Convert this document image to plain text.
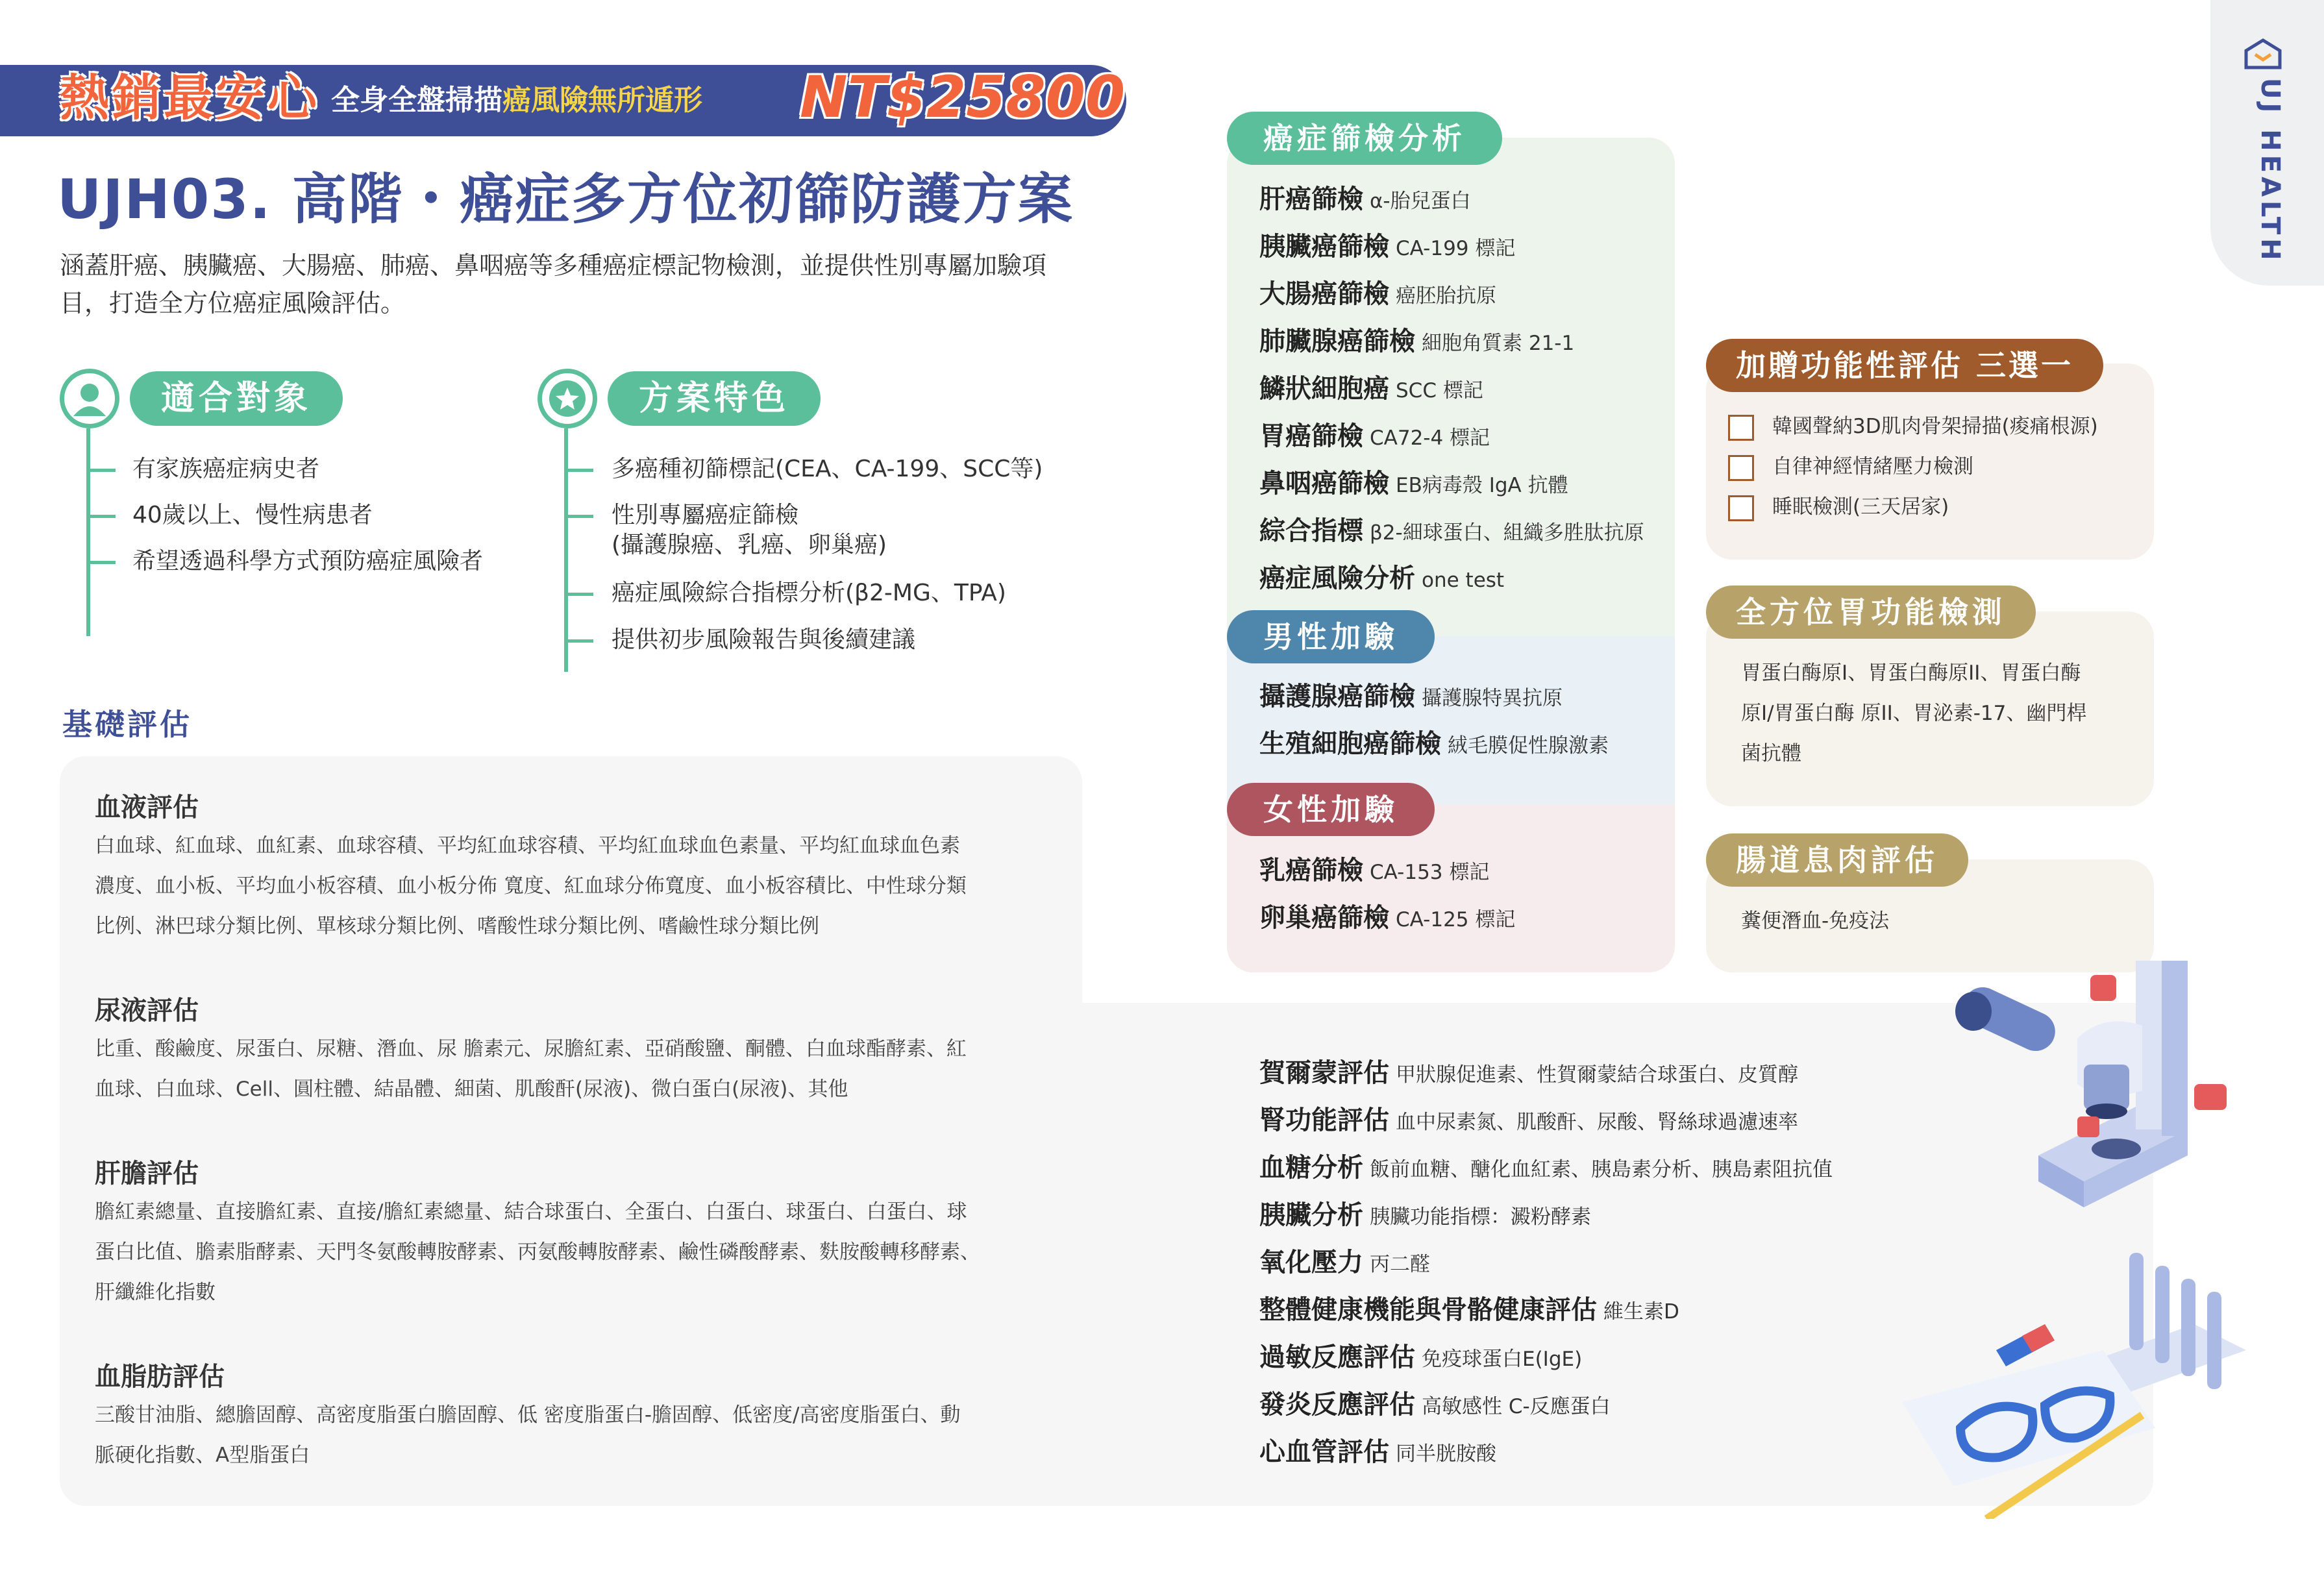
熱銷最安心 全身全盤掃描癌風險無所遁形 NT$25800
UJH03. 高階・癌症多方位初篩防護方案
涵蓋肝癌、胰臟癌、大腸癌、肺癌、鼻咽癌等多種癌症標記物檢測，並提供性別專屬加驗項目，打造全方位癌症風險評估。
UJ HEALTH
適合對象
有家族癌症病史者
40歲以上、慢性病患者
希望透過科學方式預防癌症風險者
方案特色
多癌種初篩標記(CEA、CA-199、SCC等)
性別專屬癌症篩檢
(攝護腺癌、乳癌、卵巢癌)
癌症風險綜合指標分析(β2-MG、TPA)
提供初步風險報告與後續建議
基礎評估
血液評估
白血球、紅血球、血紅素、血球容積、平均紅血球容積、平均紅血球血色素量、平均紅血球血色素
濃度、血小板、平均血小板容積、血小板分佈 寬度、紅血球分佈寬度、血小板容積比、中性球分類
比例、淋巴球分類比例、單核球分類比例、嗜酸性球分類比例、嗜鹼性球分類比例
尿液評估
比重、酸鹼度、尿蛋白、尿糖、潛血、尿 膽素元、尿膽紅素、亞硝酸鹽、酮體、白血球酯酵素、紅
血球、白血球、Cell、圓柱體、結晶體、細菌、肌酸酐(尿液)、微白蛋白(尿液)、其他
肝膽評估
膽紅素總量、直接膽紅素、直接/膽紅素總量、結合球蛋白、全蛋白、白蛋白、球蛋白、白蛋白、球
蛋白比值、膽素脂酵素、天門冬氨酸轉胺酵素、丙氨酸轉胺酵素、鹼性磷酸酵素、麩胺酸轉移酵素、
肝纖維化指數
血脂肪評估
三酸甘油脂、總膽固醇、高密度脂蛋白膽固醇、低 密度脂蛋白-膽固醇、低密度/高密度脂蛋白、動
脈硬化指數、A型脂蛋白
賀爾蒙評估 甲狀腺促進素、性賀爾蒙結合球蛋白、皮質醇
腎功能評估 血中尿素氮、肌酸酐、尿酸、腎絲球過濾速率
血糖分析 飯前血糖、醣化血紅素、胰島素分析、胰島素阻抗值
胰臟分析 胰臟功能指標：澱粉酵素
氧化壓力 丙二醛
整體健康機能與骨骼健康評估 維生素D
過敏反應評估 免疫球蛋白E(IgE)
發炎反應評估 高敏感性 C-反應蛋白
心血管評估 同半胱胺酸
癌症篩檢分析
肝癌篩檢 α-胎兒蛋白
胰臟癌篩檢 CA-199 標記
大腸癌篩檢 癌胚胎抗原
肺臟腺癌篩檢 細胞角質素 21-1
鱗狀細胞癌 SCC 標記
胃癌篩檢 CA72-4 標記
鼻咽癌篩檢 EB病毒殼 IgA 抗體
綜合指標 β2-細球蛋白、組織多胜肽抗原
癌症風險分析 one test
男性加驗
攝護腺癌篩檢 攝護腺特異抗原
生殖細胞癌篩檢 絨毛膜促性腺激素
女性加驗
乳癌篩檢 CA-153 標記
卵巢癌篩檢 CA-125 標記
加贈功能性評估 三選一
韓國聲納3D肌肉骨架掃描(痠痛根源)
自律神經情緒壓力檢測
睡眠檢測(三天居家)
全方位胃功能檢測
胃蛋白酶原I、胃蛋白酶原II、胃蛋白酶
原I/胃蛋白酶 原II、胃泌素-17、幽門桿
菌抗體
腸道息肉評估
糞便潛血-免疫法
